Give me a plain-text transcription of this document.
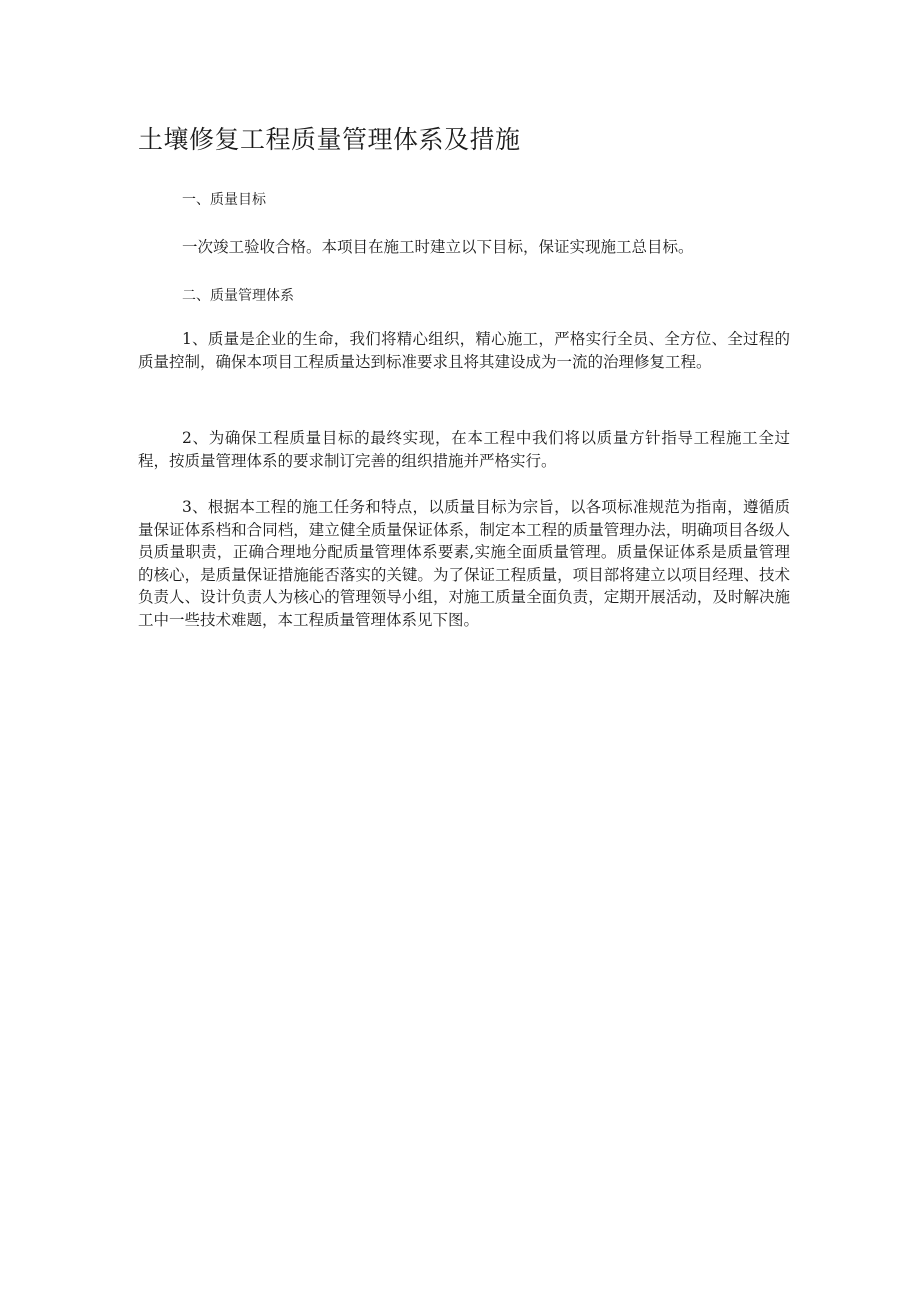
土壤修复工程质量管理体系及措施

一、质量目标

一次竣工验收合格。本项目在施工时建立以下目标，保证实现施工总目标。

二、质量管理体系

1、质量是企业的生命，我们将精心组织，精心施工，严格实行全员、全方位、全过程的质量控制，确保本项目工程质量达到标准要求且将其建设成为一流的治理修复工程。

2、为确保工程质量目标的最终实现，在本工程中我们将以质量方针指导工程施工全过程，按质量管理体系的要求制订完善的组织措施并严格实行。

3、根据本工程的施工任务和特点，以质量目标为宗旨，以各项标准规范为指南，遵循质量保证体系档和合同档，建立健全质量保证体系，制定本工程的质量管理办法，明确项目各级人员质量职责，正确合理地分配质量管理体系要素,实施全面质量管理。质量保证体系是质量管理的核心，是质量保证措施能否落实的关键。为了保证工程质量，项目部将建立以项目经理、技术负责人、设计负责人为核心的管理领导小组，对施工质量全面负责，定期开展活动，及时解决施工中一些技术难题，本工程质量管理体系见下图。
